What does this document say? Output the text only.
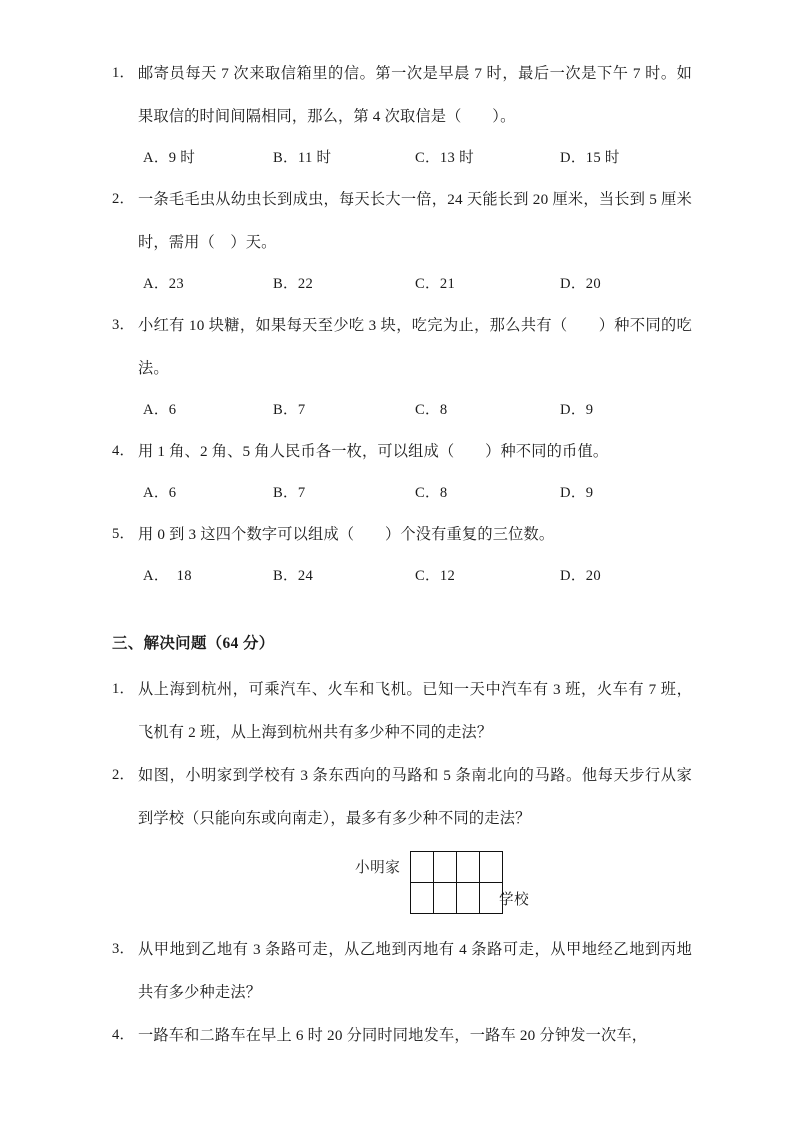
1． 邮寄员每天 7 次来取信箱里的信。第一次是早晨 7 时，最后一次是下午 7 时。如果取信的时间间隔相同，那么，第 4 次取信是（　　）。
A．9 时	B．11 时	C．13 时	D．15 时
2． 一条毛毛虫从幼虫长到成虫，每天长大一倍，24 天能长到 20 厘米，当长到 5 厘米时，需用（　）天。
A．23	B．22	C．21	D．20
3． 小红有 10 块糖，如果每天至少吃 3 块，吃完为止，那么共有（　　）种不同的吃法。
A．6	B．7	C．8	D．9
4． 用 1 角、2 角、5 角人民币各一枚，可以组成（　　）种不同的币值。
A．6	B．7	C．8	D．9
5． 用 0 到 3 这四个数字可以组成（　　）个没有重复的三位数。
A．  18	B．24	C．12	D．20
三、解决问题（64 分）
1． 从上海到杭州，可乘汽车、火车和飞机。已知一天中汽车有 3 班，火车有 7 班，飞机有 2 班，从上海到杭州共有多少种不同的走法？
2． 如图，小明家到学校有 3 条东西向的马路和 5 条南北向的马路。他每天步行从家到学校（只能向东或向南走），最多有多少种不同的走法？
小明家

学校
3． 从甲地到乙地有 3 条路可走，从乙地到丙地有 4 条路可走，从甲地经乙地到丙地共有多少种走法？
4． 一路车和二路车在早上 6 时 20 分同时同地发车，一路车 20 分钟发一次车，
